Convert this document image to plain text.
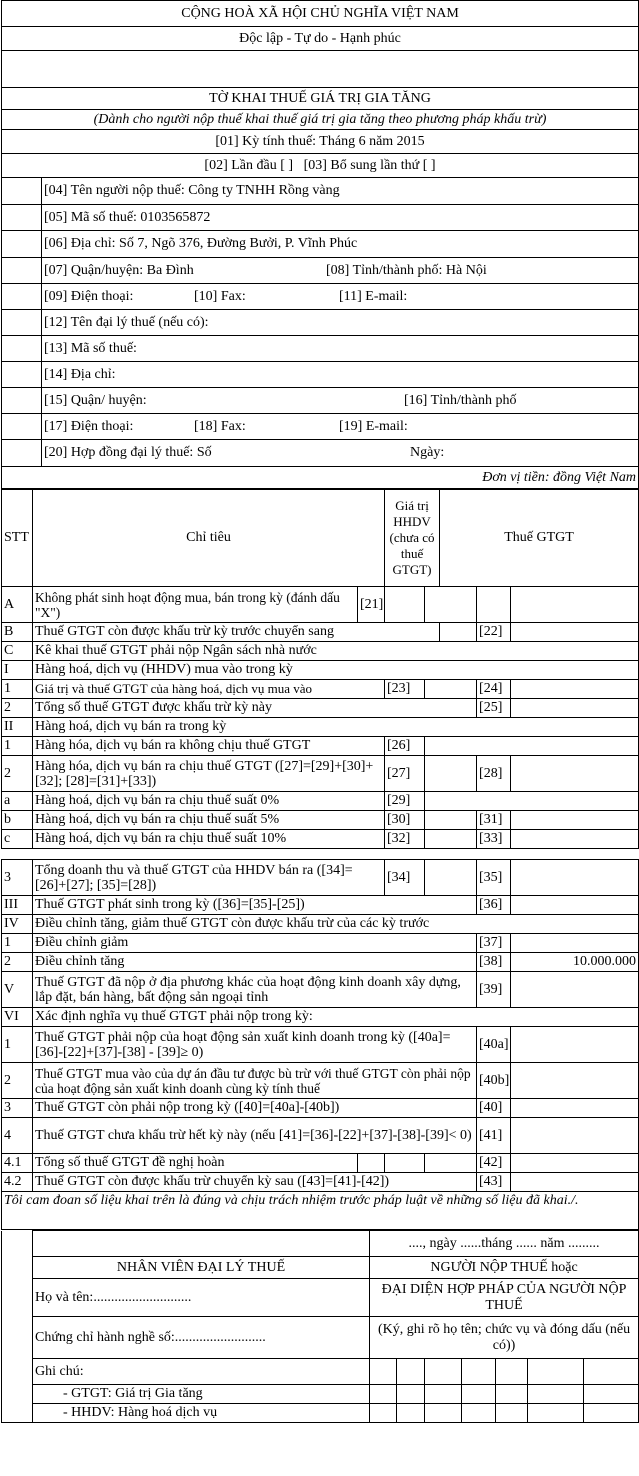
CỘNG HOÀ XÃ HỘI CHỦ NGHĨA VIỆT NAM	
Độc lập - Tự do - Hạnh phúc	

TỜ KHAI THUẾ GIÁ TRỊ GIA TĂNG	
(Dành cho người nộp thuế khai thuế giá trị gia tăng theo phương pháp khấu trừ)	
[01] Kỳ tính thuế: Tháng 6 năm 2015	
[02] Lần đầu [ ] [03] Bổ sung lần thứ [ ]	
	[04] Tên người nộp thuế: Công ty TNHH Rồng vàng
	[05] Mã số thuế: 0103565872
	[06] Địa chỉ: Số 7, Ngõ 376, Đường Bưởi, P. Vĩnh Phúc
	[07] Quận/huyện: Ba Đình [08] Tỉnh/thành phố: Hà Nội
	[09] Điện thoại: [10] Fax: [11] E-mail:
	[12] Tên đại lý thuế (nếu có):
	[13] Mã số thuế:
	[14] Địa chỉ:
	[15] Quận/ huyện: [16] Tỉnh/thành phố
	[17] Điện thoại: [18] Fax: [19] E-mail:
	[20] Hợp đồng đại lý thuế: Số Ngày:
Đơn vị tiền: đồng Việt Nam	
STT	Chỉ tiêu		Giá trị HHDV (chưa có thuế GTGT)		Thuế GTGT		
A	Không phát sinh hoạt động mua, bán trong kỳ (đánh dấu "X")	[21]					
B	Thuế GTGT còn được khấu trừ kỳ trước chuyển sang					[22]	
C	Kê khai thuế GTGT phải nộp Ngân sách nhà nước						
I	Hàng hoá, dịch vụ (HHDV) mua vào trong kỳ						
1	Giá trị và thuế GTGT của hàng hoá, dịch vụ mua vào		[23]			[24]	
2	Tổng số thuế GTGT được khấu trừ kỳ này					[25]	
II	Hàng hoá, dịch vụ bán ra trong kỳ						
1	Hàng hóa, dịch vụ bán ra không chịu thuế GTGT		[26]				
2	Hàng hóa, dịch vụ bán ra chịu thuế GTGT ([27]=[29]+[30]+[32]; [28]=[31]+[33])		[27]			[28]	
a	Hàng hoá, dịch vụ bán ra chịu thuế suất 0%		[29]				
b	Hàng hoá, dịch vụ bán ra chịu thuế suất 5%		[30]			[31]	
c	Hàng hoá, dịch vụ bán ra chịu thuế suất 10%		[32]			[33]	
3	Tổng doanh thu và thuế GTGT của HHDV bán ra ([34]=[26]+[27]; [35]=[28])		[34]		[35]	
III	Thuế GTGT phát sinh trong kỳ ([36]=[35]-[25])				[36]	
IV	Điều chỉnh tăng, giảm thuế GTGT còn được khấu trừ của các kỳ trước					
1	Điều chỉnh giảm				[37]	
2	Điều chỉnh tăng				[38]	10.000.000
V	Thuế GTGT đã nộp ở địa phương khác của hoạt động kinh doanh xây dựng, lắp đặt, bán hàng, bất động sản ngoại tỉnh				[39]	
VI	Xác định nghĩa vụ thuế GTGT phải nộp trong kỳ:					
1	Thuế GTGT phải nộp của hoạt động sản xuất kinh doanh trong kỳ ([40a]=[36]-[22]+[37]-[38] - [39]≥ 0)				[40a]	
2	Thuế GTGT mua vào của dự án đầu tư được bù trừ với thuế GTGT còn phải nộp của hoạt động sản xuất kinh doanh cùng kỳ tính thuế				[40b]	
3	Thuế GTGT còn phải nộp trong kỳ ([40]=[40a]-[40b])				[40]	
4	Thuế GTGT chưa khấu trừ hết kỳ này (nếu [41]=[36]-[22]+[37]-[38]-[39]< 0)				[41]	
4.1	Tổng số thuế GTGT đề nghị hoàn				[42]	
4.2	Thuế GTGT còn được khấu trừ chuyển kỳ sau ([43]=[41]-[42])				[43]	
Tôi cam đoan số liệu khai trên là đúng và chịu trách nhiệm trước pháp luật về những số liệu đã khai./.						
		...., ngày ......tháng ...... năm .........						
	NHÂN VIÊN ĐẠI LÝ THUẾ	NGƯỜI NỘP THUẾ hoặc						
	Họ và tên:............................	ĐẠI DIỆN HỢP PHÁP CỦA NGƯỜI NỘP THUẾ						
	Chứng chỉ hành nghề số:..........................	(Ký, ghi rõ họ tên; chức vụ và đóng dấu (nếu có))						
	Ghi chú:							
	- GTGT: Giá trị Gia tăng							
	- HHDV: Hàng hoá dịch vụ							
